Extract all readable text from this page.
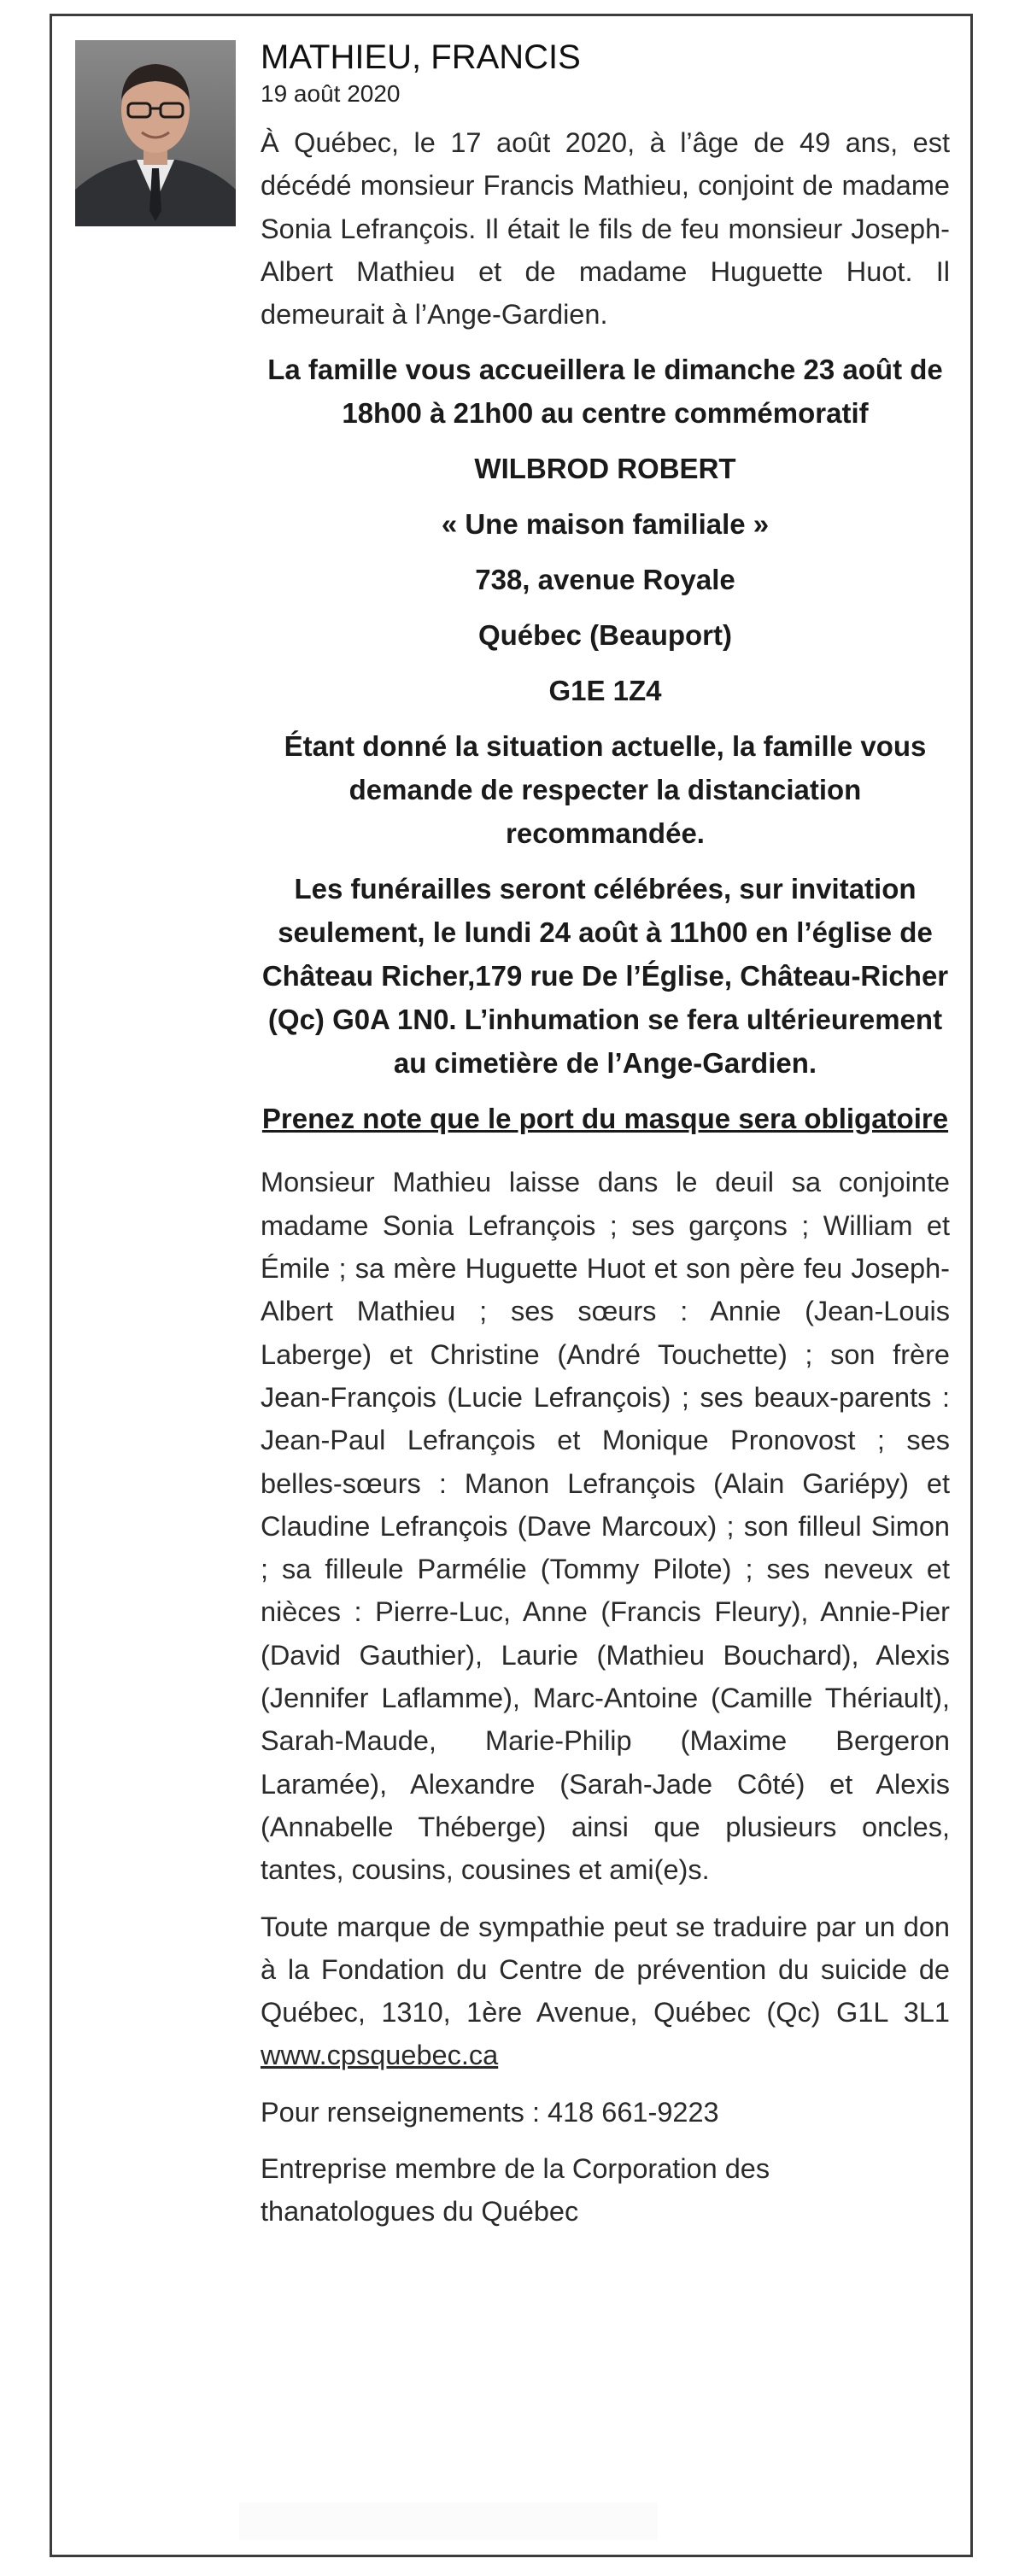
MATHIEU, FRANCIS
19 août 2020

À Québec, le 17 août 2020, à l’âge de 49 ans, est décédé monsieur Francis Mathieu, conjoint de madame Sonia Lefrançois. Il était le fils de feu monsieur Joseph-Albert Mathieu et de madame Huguette Huot. Il demeurait à l’Ange-Gardien.

La famille vous accueillera le dimanche 23 août de 18h00 à 21h00 au centre commémoratif

WILBROD ROBERT

« Une maison familiale »

738, avenue Royale

Québec (Beauport)

G1E 1Z4

Étant donné la situation actuelle, la famille vous demande de respecter la distanciation recommandée.

Les funérailles seront célébrées, sur invitation seulement, le lundi 24 août à 11h00 en l’église de Château Richer,179 rue De l’Église, Château-Richer (Qc) G0A 1N0. L’inhumation se fera ultérieurement au cimetière de l’Ange-Gardien.

Prenez note que le port du masque sera obligatoire

Monsieur Mathieu laisse dans le deuil sa conjointe madame Sonia Lefrançois ; ses garçons ; William et Émile ; sa mère Huguette Huot et son père feu Joseph-Albert Mathieu ; ses sœurs : Annie (Jean-Louis Laberge) et Christine (André Touchette) ; son frère Jean-François (Lucie Lefrançois) ; ses beaux-parents : Jean-Paul Lefrançois et Monique Pronovost ; ses belles-sœurs : Manon Lefrançois (Alain Gariépy) et Claudine Lefrançois (Dave Marcoux) ; son filleul Simon ; sa filleule Parmélie (Tommy Pilote) ; ses neveux et nièces : Pierre-Luc, Anne (Francis Fleury), Annie-Pier (David Gauthier), Laurie (Mathieu Bouchard), Alexis (Jennifer Laflamme), Marc-Antoine (Camille Thériault), Sarah-Maude, Marie-Philip (Maxime Bergeron Laramée), Alexandre (Sarah-Jade Côté) et Alexis (Annabelle Théberge) ainsi que plusieurs oncles, tantes, cousins, cousines et ami(e)s.

Toute marque de sympathie peut se traduire par un don à la Fondation du Centre de prévention du suicide de Québec, 1310, 1ère Avenue, Québec (Qc) G1L 3L1 www.cpsquebec.ca

Pour renseignements : 418 661-9223

Entreprise membre de la Corporation des thanatologues du Québec
